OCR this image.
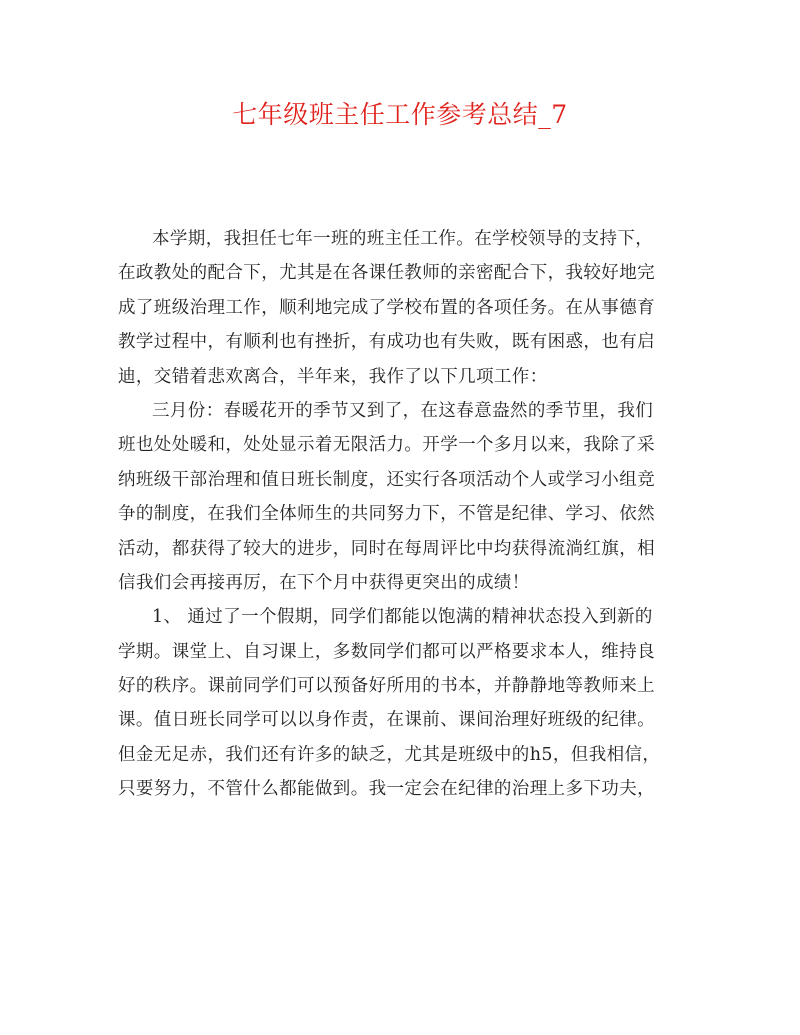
七年级班主任工作参考总结_7
本学期，我担任七年一班的班主任工作。在学校领导的支持下，
在政教处的配合下，尤其是在各课任教师的亲密配合下，我较好地完
成了班级治理工作，顺利地完成了学校布置的各项任务。在从事德育
教学过程中，有顺利也有挫折，有成功也有失败，既有困惑，也有启
迪，交错着悲欢离合，半年来，我作了以下几项工作：
三月份：春暖花开的季节又到了，在这春意盎然的季节里，我们
班也处处暖和，处处显示着无限活力。开学一个多月以来，我除了采
纳班级干部治理和值日班长制度，还实行各项活动个人或学习小组竞
争的制度，在我们全体师生的共同努力下，不管是纪律、学习、依然
活动，都获得了较大的进步，同时在每周评比中均获得流淌红旗，相
信我们会再接再厉，在下个月中获得更突出的成绩！
1、 通过了一个假期，同学们都能以饱满的精神状态投入到新的
学期。课堂上、自习课上，多数同学们都可以严格要求本人，维持良
好的秩序。课前同学们可以预备好所用的书本，并静静地等教师来上
课。值日班长同学可以以身作责，在课前、课间治理好班级的纪律。
但金无足赤，我们还有许多的缺乏，尤其是班级中的h5，但我相信，
只要努力，不管什么都能做到。我一定会在纪律的治理上多下功夫，
